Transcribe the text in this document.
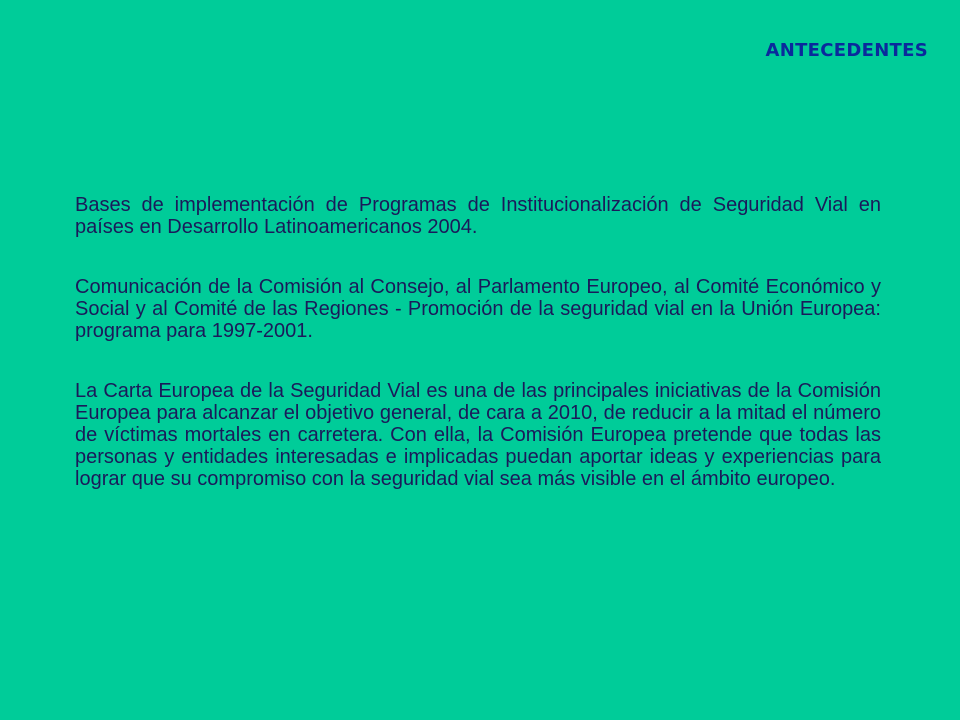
ANTECEDENTES

Bases de implementación de Programas de Institucionalización de Seguridad Vial en países en Desarrollo Latinoamericanos 2004.

Comunicación de la Comisión al Consejo, al Parlamento Europeo, al Comité Económico y Social y al Comité de las Regiones - Promoción de la seguridad vial en la Unión Europea: programa para 1997-2001.

La Carta Europea de la Seguridad Vial es una de las principales iniciativas de la Comisión Europea para alcanzar el objetivo general, de cara a 2010, de reducir a la mitad el número de víctimas mortales en carretera. Con ella, la Comisión Europea pretende que todas las personas y entidades interesadas e implicadas puedan aportar ideas y experiencias para lograr que su compromiso con la seguridad vial sea más visible en el ámbito europeo.
